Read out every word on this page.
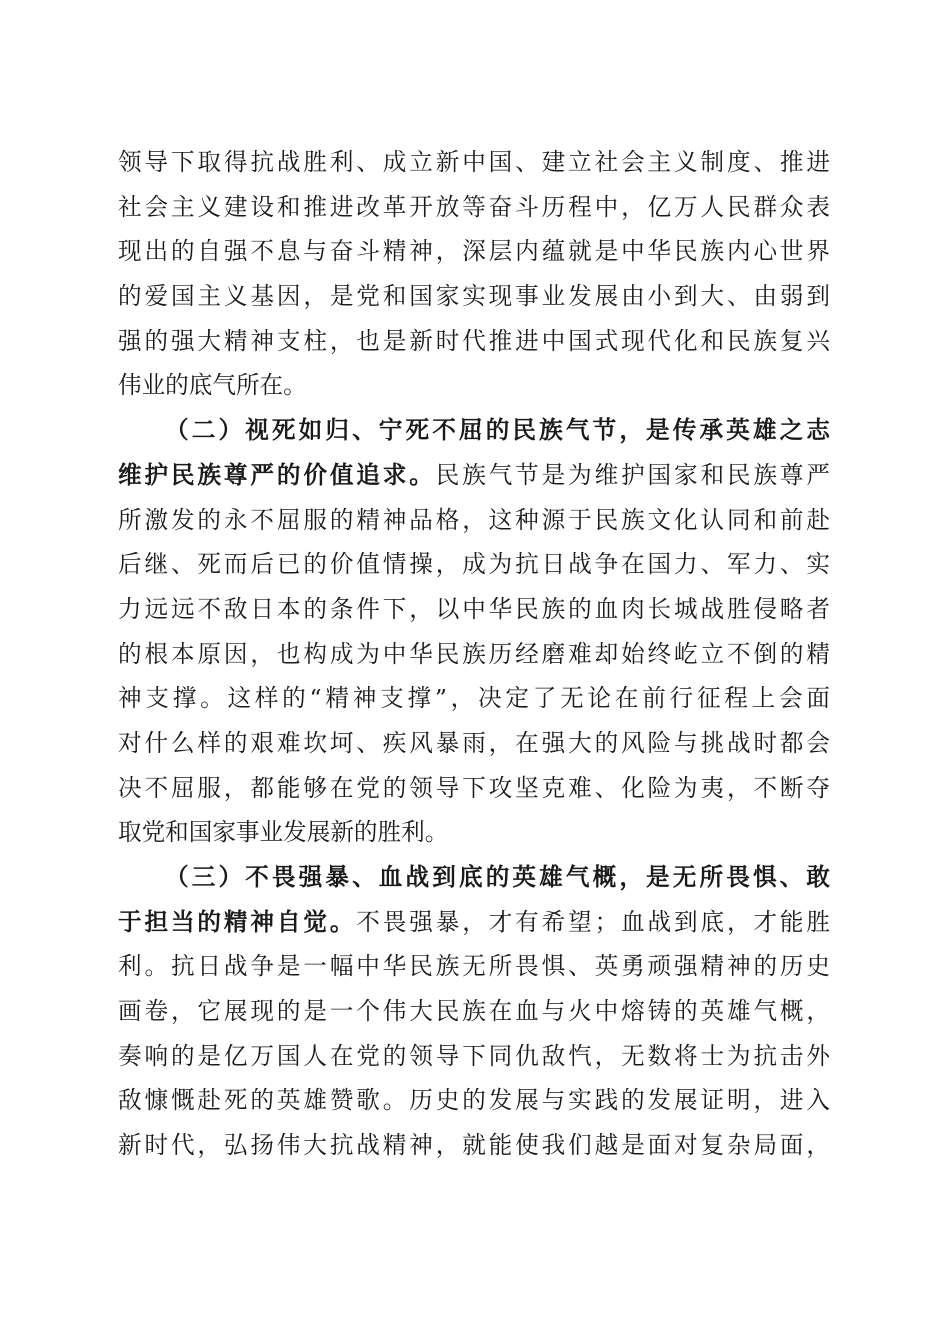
领导下取得抗战胜利、成立新中国、建立社会主义制度、推进
社会主义建设和推进改革开放等奋斗历程中，亿万人民群众表
现出的自强不息与奋斗精神，深层内蕴就是中华民族内心世界
的爱国主义基因，是党和国家实现事业发展由小到大、由弱到
强的强大精神支柱，也是新时代推进中国式现代化和民族复兴
伟业的底气所在。
（二）视死如归、宁死不屈的民族气节，是传承英雄之志
维护民族尊严的价值追求。民族气节是为维护国家和民族尊严
所激发的永不屈服的精神品格，这种源于民族文化认同和前赴
后继、死而后已的价值情操，成为抗日战争在国力、军力、实
力远远不敌日本的条件下，以中华民族的血肉长城战胜侵略者
的根本原因，也构成为中华民族历经磨难却始终屹立不倒的精
神支撑。这样的“精神支撑”，决定了无论在前行征程上会面
对什么样的艰难坎坷、疾风暴雨，在强大的风险与挑战时都会
决不屈服，都能够在党的领导下攻坚克难、化险为夷，不断夺
取党和国家事业发展新的胜利。
（三）不畏强暴、血战到底的英雄气概，是无所畏惧、敢
于担当的精神自觉。不畏强暴，才有希望；血战到底，才能胜
利。抗日战争是一幅中华民族无所畏惧、英勇顽强精神的历史
画卷，它展现的是一个伟大民族在血与火中熔铸的英雄气概，
奏响的是亿万国人在党的领导下同仇敌忾，无数将士为抗击外
敌慷慨赴死的英雄赞歌。历史的发展与实践的发展证明，进入
新时代，弘扬伟大抗战精神，就能使我们越是面对复杂局面，
